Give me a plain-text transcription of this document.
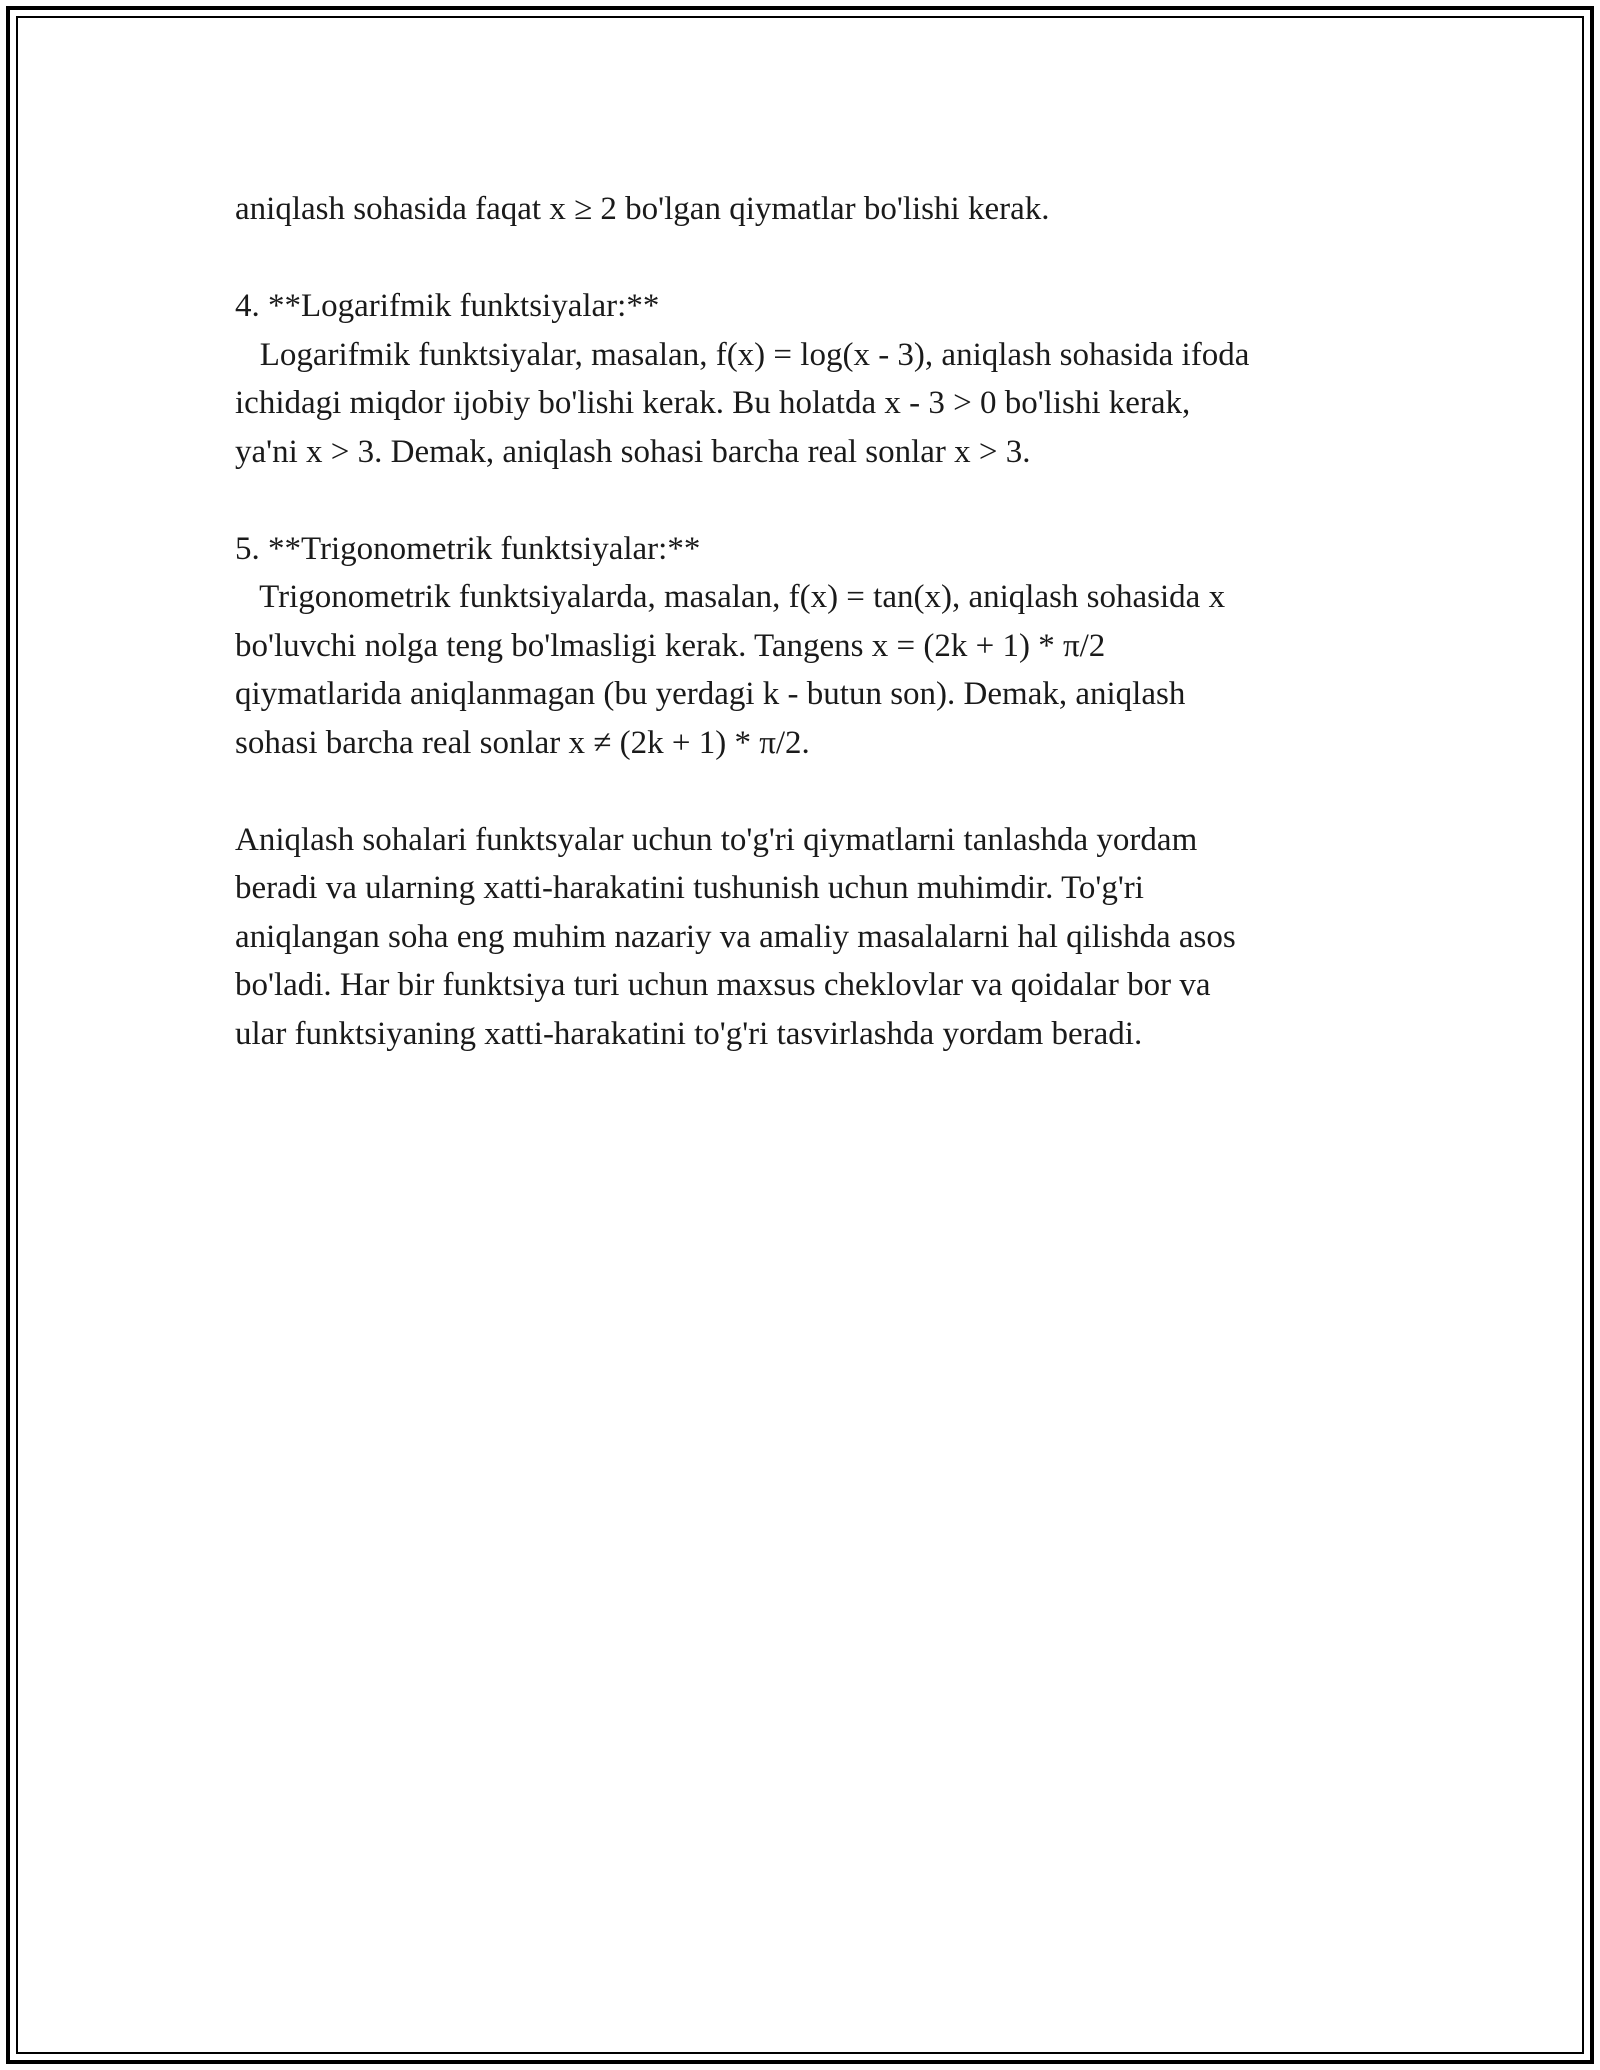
aniqlash sohasida faqat x ≥ 2 bo'lgan qiymatlar bo'lishi kerak.
4. **Logarifmik funktsiyalar:**
Logarifmik funktsiyalar, masalan, f(x) = log(x - 3), aniqlash sohasida ifoda
ichidagi miqdor ijobiy bo'lishi kerak. Bu holatda x - 3 > 0 bo'lishi kerak,
ya'ni x > 3. Demak, aniqlash sohasi barcha real sonlar x > 3.
5. **Trigonometrik funktsiyalar:**
Trigonometrik funktsiyalarda, masalan, f(x) = tan(x), aniqlash sohasida x
bo'luvchi nolga teng bo'lmasligi kerak. Tangens x = (2k + 1) * π/2
qiymatlarida aniqlanmagan (bu yerdagi k - butun son). Demak, aniqlash
sohasi barcha real sonlar x ≠ (2k + 1) * π/2.
Aniqlash sohalari funktsyalar uchun to'g'ri qiymatlarni tanlashda yordam
beradi va ularning xatti-harakatini tushunish uchun muhimdir. To'g'ri
aniqlangan soha eng muhim nazariy va amaliy masalalarni hal qilishda asos
bo'ladi. Har bir funktsiya turi uchun maxsus cheklovlar va qoidalar bor va
ular funktsiyaning xatti-harakatini to'g'ri tasvirlashda yordam beradi.
